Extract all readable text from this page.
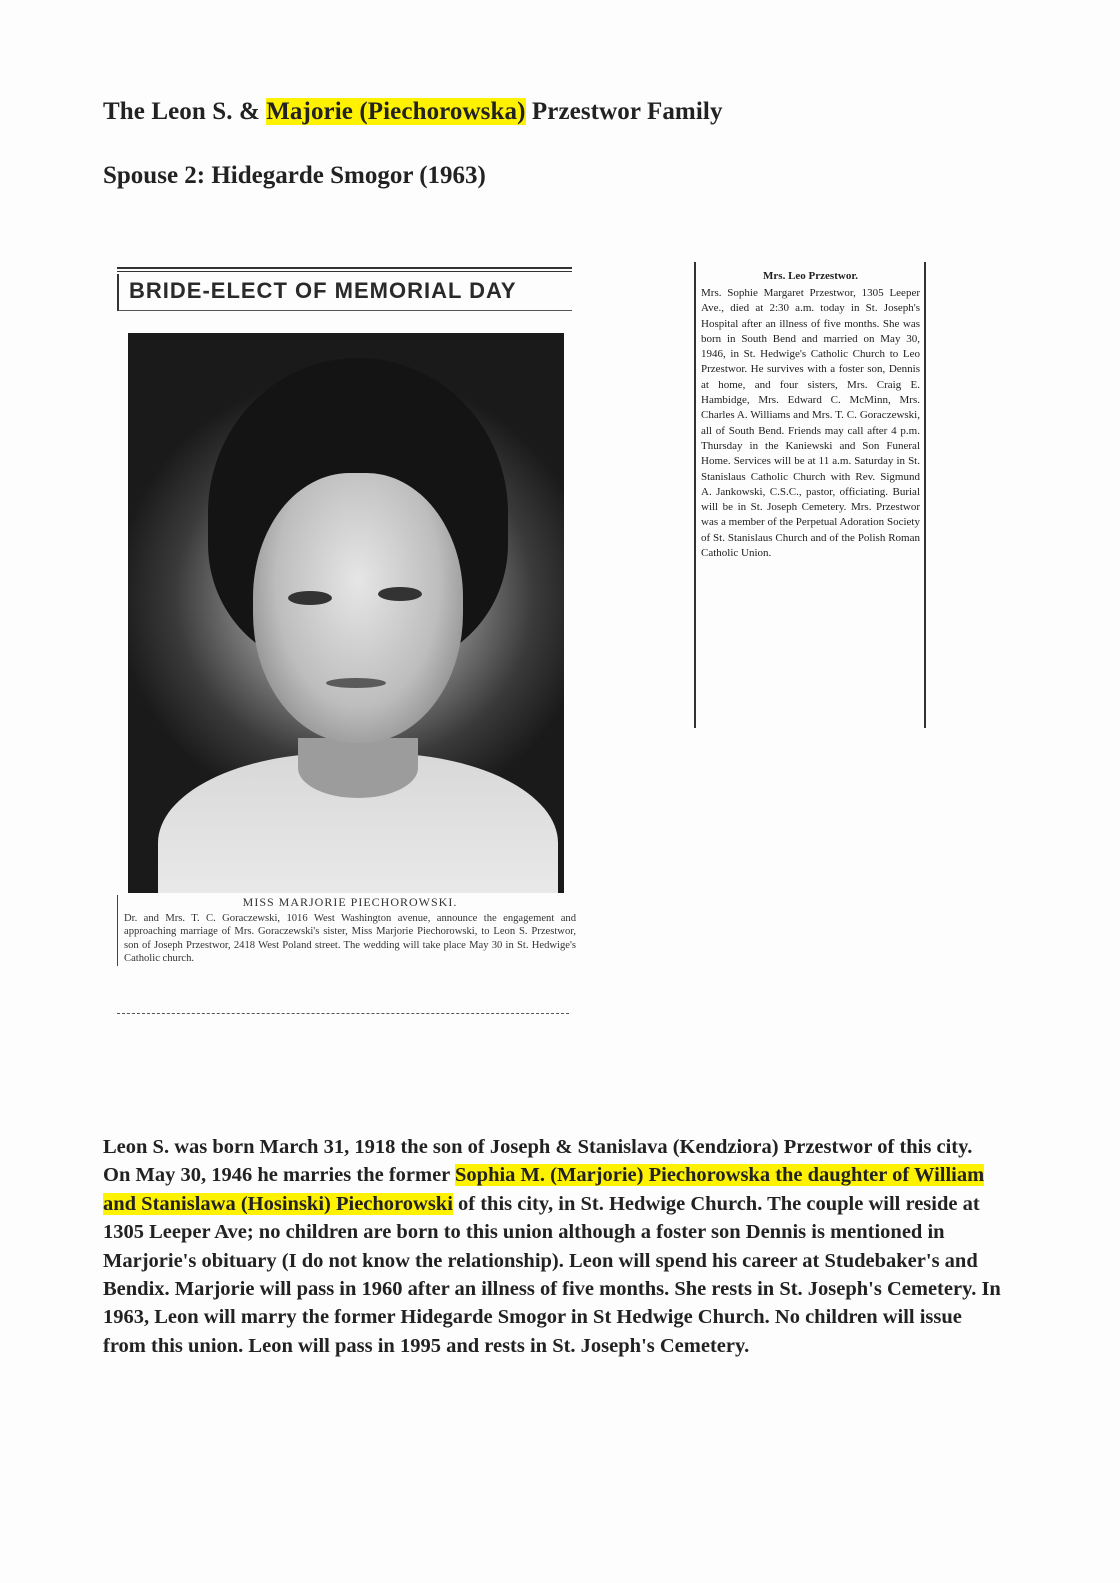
The Leon S. & Majorie (Piechorowska) Przestwor Family
Spouse 2: Hidegarde Smogor (1963)
BRIDE-ELECT OF MEMORIAL DAY
MISS MARJORIE PIECHOROWSKI.
Dr. and Mrs. T. C. Goraczewski, 1016 West Washington avenue, announce the engagement and approaching marriage of Mrs. Goraczewski's sister, Miss Marjorie Piechorowski, to Leon S. Przestwor, son of Joseph Przestwor, 2418 West Poland street. The wedding will take place May 30 in St. Hedwige's Catholic church.
Mrs. Leo Przestwor.
Mrs. Sophie Margaret Przestwor, 1305 Leeper Ave., died at 2:30 a.m. today in St. Joseph's Hospital after an illness of five months. She was born in South Bend and married on May 30, 1946, in St. Hedwige's Catholic Church to Leo Przestwor. He survives with a foster son, Dennis at home, and four sisters, Mrs. Craig E. Hambidge, Mrs. Edward C. McMinn, Mrs. Charles A. Williams and Mrs. T. C. Goraczewski, all of South Bend. Friends may call after 4 p.m. Thursday in the Kaniewski and Son Funeral Home. Services will be at 11 a.m. Saturday in St. Stanislaus Catholic Church with Rev. Sigmund A. Jankowski, C.S.C., pastor, officiating. Burial will be in St. Joseph Cemetery. Mrs. Przestwor was a member of the Perpetual Adoration Society of St. Stanislaus Church and of the Polish Roman Catholic Union.
Leon S. was born March 31, 1918 the son of Joseph & Stanislava (Kendziora) Przestwor of this city. On May 30, 1946 he marries the former Sophia M. (Marjorie) Piechorowska the daughter of William and Stanislawa (Hosinski) Piechorowski of this city, in St. Hedwige Church. The couple will reside at 1305 Leeper Ave; no children are born to this union although a foster son Dennis is mentioned in Marjorie's obituary (I do not know the relationship). Leon will spend his career at Studebaker's and Bendix. Marjorie will pass in 1960 after an illness of five months. She rests in St. Joseph's Cemetery. In 1963, Leon will marry the former Hidegarde Smogor in St Hedwige Church. No children will issue from this union. Leon will pass in 1995 and rests in St. Joseph's Cemetery.
